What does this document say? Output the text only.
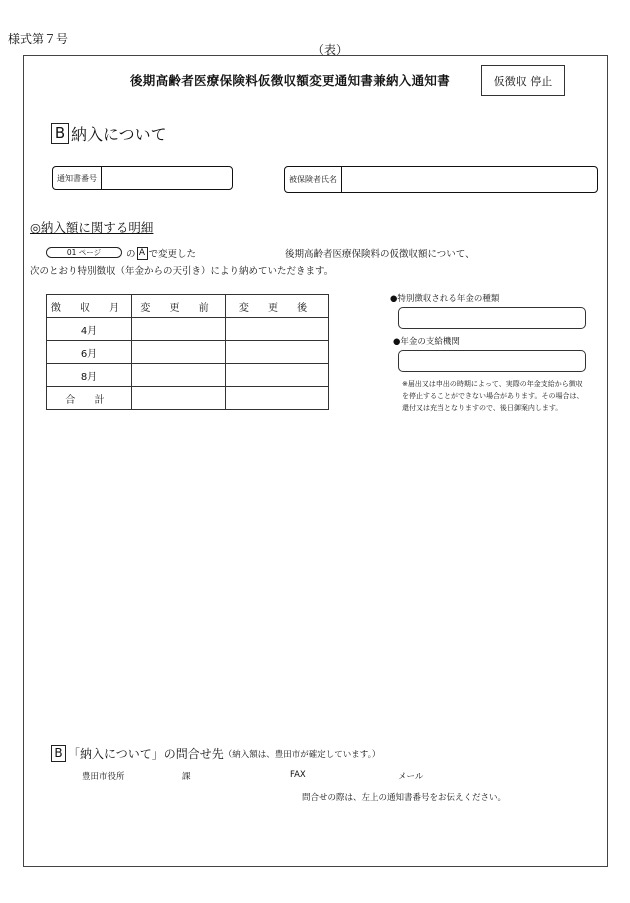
様式第７号
（表）
後期高齢者医療保険料仮徴収額変更通知書兼納入通知書	仮徴収 停止
B 納入について
通知書番号	被保険者氏名
◎納入額に関する明細
01 ページ	の A で変更した	後期高齢者医療保険料の仮徴収額について、
次のとおり特別徴収（年金からの天引き）により納めていただきます。
徴 収 月	変 更 前	変 更 後
4月		
6月		
8月		
合 計		
●特別徴収される年金の種類
●年金の支給機関
※届出又は申出の時期によって、実際の年金支給から徴収を停止することができない場合があります。その場合は、還付又は充当となりますので、後日御案内します。
B 「納入について」の問合せ先 （納入額は、豊田市が確定しています。）
豊田市役所	課	FAX	メール
問合せの際は、左上の通知書番号をお伝えください。
